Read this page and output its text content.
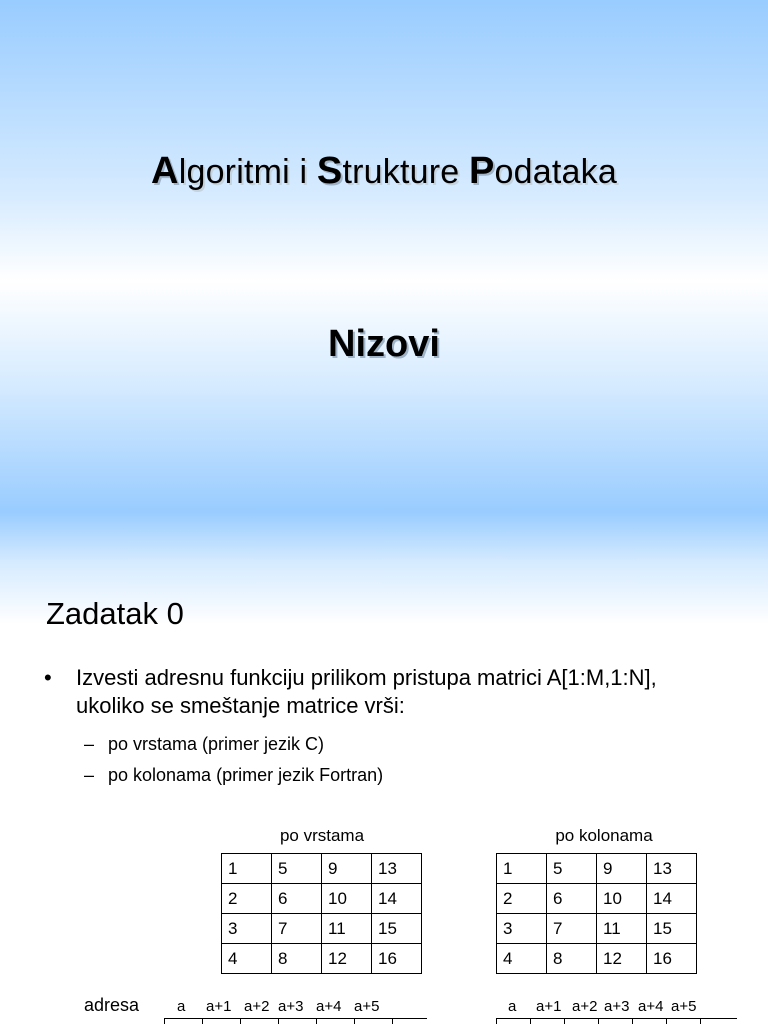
Algoritmi i Strukture Podataka
Nizovi
Zadatak 0
• Izvesti adresnu funkciju prilikom pristupa matrici A[1:M,1:N], ukoliko se smeštanje matrice vrši:
– po vrstama (primer jezik C)
– po kolonama (primer jezik Fortran)
po vrstama
1	5	9	13
2	6	10	14
3	7	11	15
4	8	12	16
po kolonama
1	5	9	13
2	6	10	14
3	7	11	15
4	8	12	16
adresa	a a+1 a+2 a+3 a+4 a+5	a a+1 a+2 a+3 a+4 a+5
